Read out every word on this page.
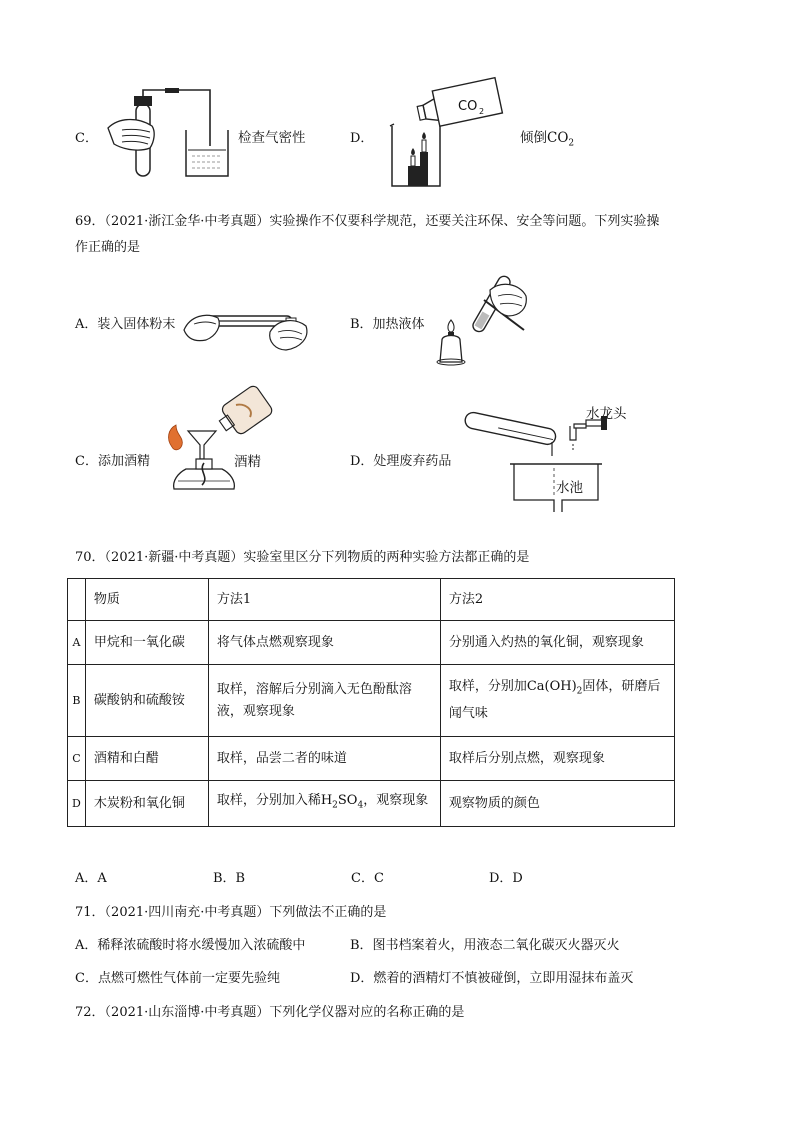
C．	检查气密性	D．
CO 2
倾倒$CO_2$
69．（2021·浙江金华·中考真题）实验操作不仅要科学规范，还要关注环保、安全等问题。下列实验操
作正确的是
A．装入固体粉末	B．加热液体
C．添加酒精	酒精	D．处理废弃药品
水龙头
水池
70．（2021·新疆·中考真题）实验室里区分下列物质的两种实验方法都正确的是
	物质	方法1	方法2
A	甲烷和一氧化碳	将气体点燃观察现象	分别通入灼热的氧化铜，观察现象
B	碳酸钠和硫酸铵	取样，溶解后分别滴入无色酚酞溶液，观察现象	取样，分别加$Ca(OH)_2$固体，研磨后闻气味
C	酒精和白醋	取样，品尝二者的味道	取样后分别点燃，观察现象
D	木炭粉和氧化铜	取样，分别加入稀$H_2SO_4$，观察现象	观察物质的颜色
A．A	B．B	C．C	D．D
71．（2021·四川南充·中考真题）下列做法不正确的是
A．稀释浓硫酸时将水缓慢加入浓硫酸中	B．图书档案着火，用液态二氧化碳灭火器灭火
C．点燃可燃性气体前一定要先验纯	D．燃着的酒精灯不慎被碰倒，立即用湿抹布盖灭
72．（2021·山东淄博·中考真题）下列化学仪器对应的名称正确的是
